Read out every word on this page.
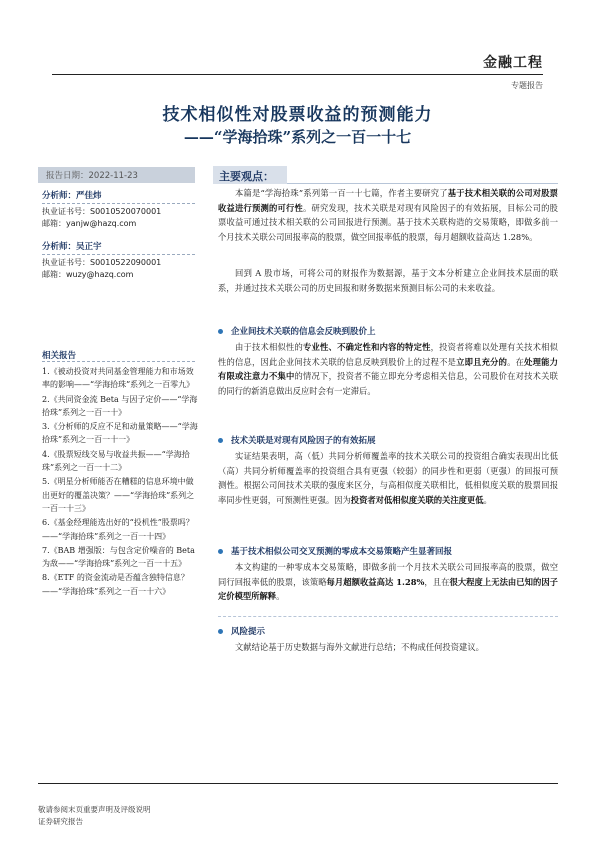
金融工程
专题报告
技术相似性对股票收益的预测能力
——“学海拾珠”系列之一百一十七
报告日期：2022-11-23
分析师：严佳炜
执业证书号：S0010520070001
邮箱：yanjw@hazq.com
分析师：吴正宇
执业证书号：S0010522090001
邮箱：wuzy@hazq.com
相关报告
1.《被动投资对共同基金管理能力和市场效率的影响——“学海拾珠”系列之一百零九》
2.《共同资金流 Beta 与因子定价——“学海拾珠”系列之一百一十》
3.《分析师的反应不足和动量策略——“学海拾珠”系列之一百一十一》
4.《股票短线交易与收益共振——“学海拾珠”系列之一百一十二》
5.《明星分析师能否在糟糕的信息环境中做出更好的覆盖决策？——“学海拾珠”系列之一百一十三》
6.《基金经理能选出好的“投机性”股票吗？——“学海拾珠”系列之一百一十四》
7.《BAB 增强版：与包含定价噪音的 Beta 为敌——“学海拾珠”系列之一百一十五》
8.《ETF 的资金流动是否蕴含独特信息？——“学海拾珠”系列之一百一十六》
主要观点：
本篇是“学海拾珠”系列第一百一十七篇，作者主要研究了基于技术相关联的公司对股票收益进行预测的可行性。研究发现，技术关联是对现有风险因子的有效拓展，目标公司的股票收益可通过技术相关联的公司回报进行预测。基于技术关联构造的交易策略，即做多前一个月技术关联公司回报率高的股票，做空回报率低的股票，每月超额收益高达 1.28%。
回到 A 股市场，可将公司的财报作为数据源，基于文本分析建立企业间技术层面的联系，并通过技术关联公司的历史回报和财务数据来预测目标公司的未来收益。
企业间技术关联的信息会反映到股价上
由于技术相似性的专业性、不确定性和内容的特定性，投资者将难以处理有关技术相似性的信息，因此企业间技术关联的信息反映到股价上的过程不是立即且充分的。在处理能力有限或注意力不集中的情况下，投资者不能立即充分考虑相关信息，公司股价在对技术关联的同行的新消息做出反应时会有一定滞后。
技术关联是对现有风险因子的有效拓展
实证结果表明，高（低）共同分析师覆盖率的技术关联公司的投资组合确实表现出比低（高）共同分析师覆盖率的投资组合具有更强（较弱）的同步性和更弱（更强）的回报可预测性。根据公司间技术关联的强度来区分，与高相似度关联相比，低相似度关联的股票回报率同步性更弱，可预测性更强。因为投资者对低相似度关联的关注度更低。
基于技术相似公司交叉预测的零成本交易策略产生显著回报
本文构建的一种零成本交易策略，即做多前一个月技术关联公司回报率高的股票，做空同行回报率低的股票，该策略每月超额收益高达 1.28%，且在很大程度上无法由已知的因子定价模型所解释。
风险提示
文献结论基于历史数据与海外文献进行总结；不构成任何投资建议。
敬请参阅末页重要声明及评级说明
证券研究报告
